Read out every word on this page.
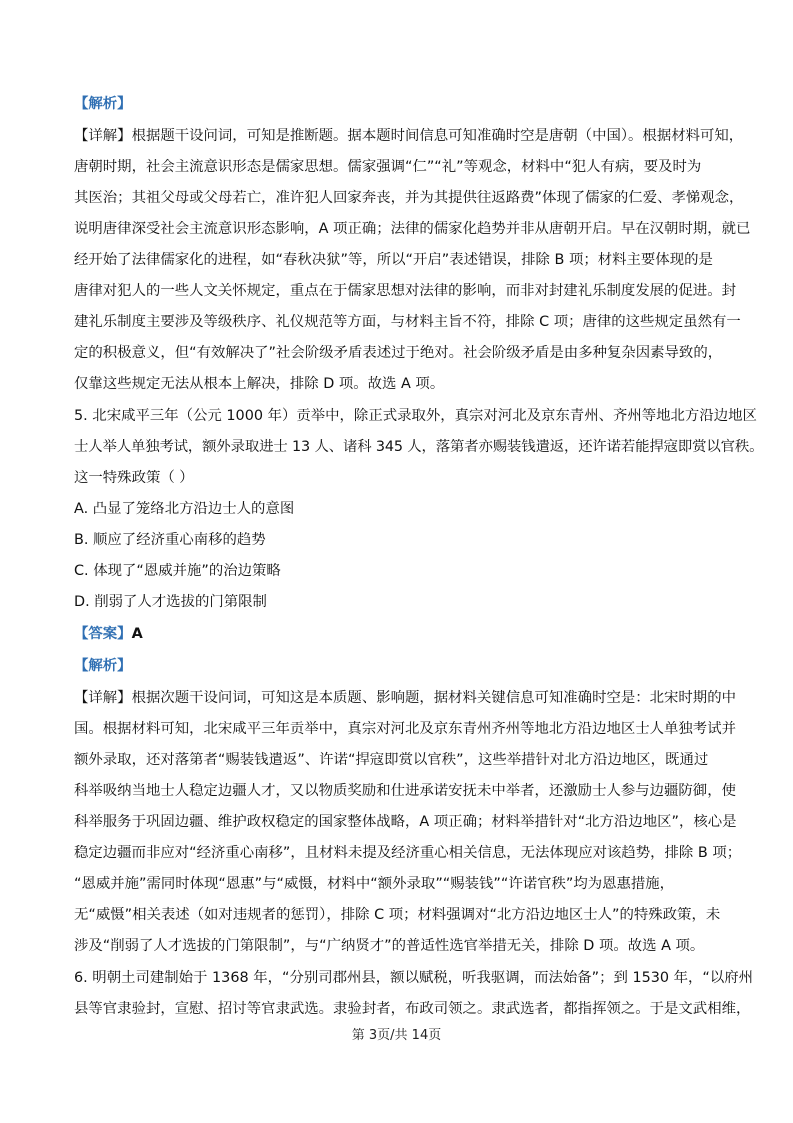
【解析】
【详解】根据题干设问词，可知是推断题。据本题时间信息可知准确时空是唐朝（中国）。根据材料可知，
唐朝时期，社会主流意识形态是儒家思想。儒家强调“仁”“礼”等观念，材料中“犯人有病，要及时为
其医治；其祖父母或父母若亡，准许犯人回家奔丧，并为其提供往返路费”体现了儒家的仁爱、孝悌观念，
说明唐律深受社会主流意识形态影响，A 项正确；法律的儒家化趋势并非从唐朝开启。早在汉朝时期，就已
经开始了法律儒家化的进程，如“春秋决狱”等，所以“开启”表述错误，排除 B 项；材料主要体现的是
唐律对犯人的一些人文关怀规定，重点在于儒家思想对法律的影响，而非对封建礼乐制度发展的促进。封
建礼乐制度主要涉及等级秩序、礼仪规范等方面，与材料主旨不符，排除 C 项；唐律的这些规定虽然有一
定的积极意义，但“有效解决了”社会阶级矛盾表述过于绝对。社会阶级矛盾是由多种复杂因素导致的，
仅靠这些规定无法从根本上解决，排除 D 项。故选 A 项。
5. 北宋咸平三年（公元 1000 年）贡举中，除正式录取外，真宗对河北及京东青州、齐州等地北方沿边地区
士人举人单独考试，额外录取进士 13 人、诸科 345 人，落第者亦赐装钱遣返，还许诺若能捍寇即赏以官秩。
这一特殊政策（ ）
A. 凸显了笼络北方沿边士人的意图
B. 顺应了经济重心南移的趋势
C. 体现了“恩威并施”的治边策略
D. 削弱了人才选拔的门第限制
【答案】A
【解析】
【详解】根据次题干设问词，可知这是本质题、影响题，据材料关键信息可知准确时空是：北宋时期的中
国。根据材料可知，北宋咸平三年贡举中，真宗对河北及京东青州齐州等地北方沿边地区士人单独考试并
额外录取，还对落第者“赐装钱遣返”、许诺“捍寇即赏以官秩”，这些举措针对北方沿边地区，既通过
科举吸纳当地士人稳定边疆人才，又以物质奖励和仕进承诺安抚未中举者，还激励士人参与边疆防御，使
科举服务于巩固边疆、维护政权稳定的国家整体战略，A 项正确；材料举措针对“北方沿边地区”，核心是
稳定边疆而非应对“经济重心南移”，且材料未提及经济重心相关信息，无法体现应对该趋势，排除 B 项；
“恩威并施”需同时体现“恩惠”与“威慑，材料中“额外录取”“赐装钱”“许诺官秩”均为恩惠措施，
无“威慑”相关表述（如对违规者的惩罚），排除 C 项；材料强调对“北方沿边地区士人”的特殊政策，未
涉及“削弱了人才选拔的门第限制”，与“广纳贤才”的普适性选官举措无关，排除 D 项。故选 A 项。
6. 明朝土司建制始于 1368 年，“分别司郡州县，额以赋税，听我驱调，而法始备”；到 1530 年，“以府州
县等官隶验封，宣慰、招讨等官隶武选。隶验封者，布政司领之。隶武选者，都指挥领之。于是文武相维，
第 3页/共 14页
